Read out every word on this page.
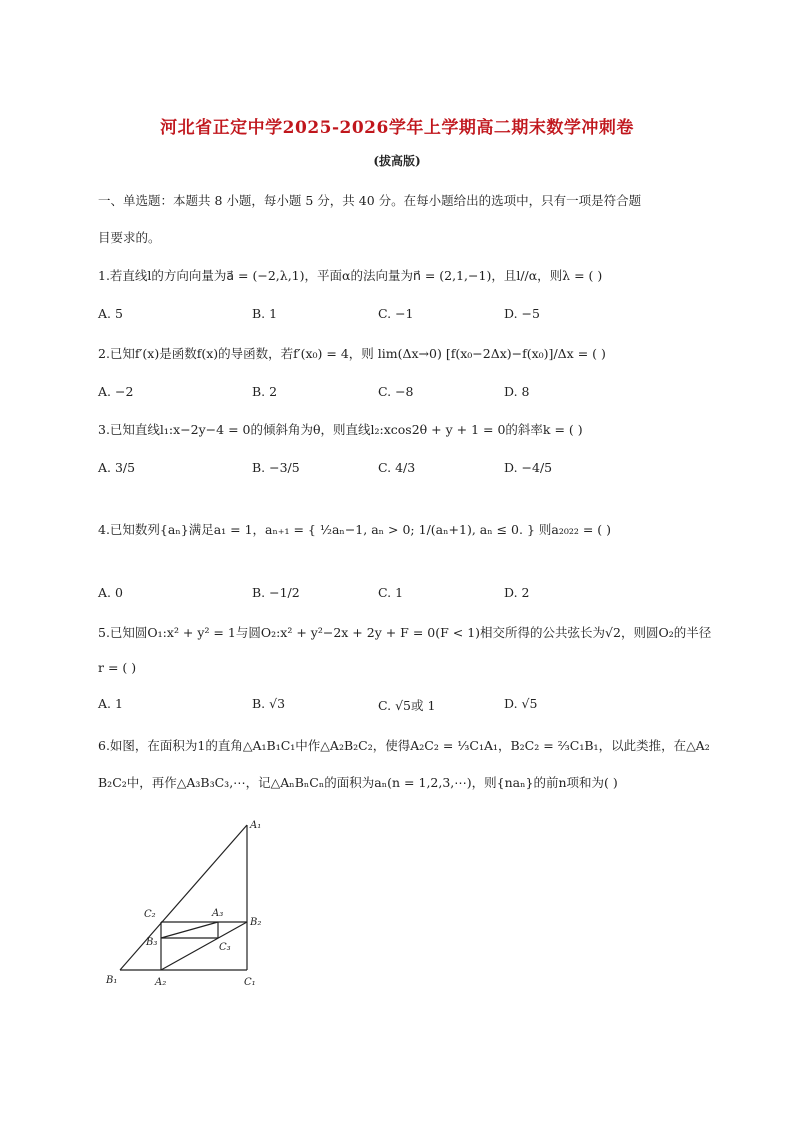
河北省正定中学2025-2026学年上学期高二期末数学冲刺卷
(拔高版)
一、单选题：本题共 8 小题，每小题 5 分，共 40 分。在每小题给出的选项中，只有一项是符合题
目要求的。
1.若直线l的方向向量为a⃗ = (−2,λ,1)，平面α的法向量为n⃗ = (2,1,−1)，且l//α，则λ = ( )
A. 5	B. 1	C. −1	D. −5
2.已知f′(x)是函数f(x)的导函数，若f′(x₀) = 4，则 lim(Δx→0) [f(x₀−2Δx)−f(x₀)]/Δx = ( )
A. −2	B. 2	C. −8	D. 8
3.已知直线l₁:x−2y−4 = 0的倾斜角为θ，则直线l₂:xcos2θ + y + 1 = 0的斜率k = ( )
A. 3/5	B. −3/5	C. 4/3	D. −4/5
4.已知数列{aₙ}满足a₁ = 1，aₙ₊₁ = { ½aₙ−1, aₙ > 0; 1/(aₙ+1), aₙ ≤ 0. } 则a₂₀₂₂ = ( )
A. 0	B. −1/2	C. 1	D. 2
5.已知圆O₁:x² + y² = 1与圆O₂:x² + y²−2x + 2y + F = 0(F < 1)相交所得的公共弦长为√2，则圆O₂的半径
r = ( )
A. 1	B. √3	C. √5或 1	D. √5
6.如图，在面积为1的直角△A₁B₁C₁中作△A₂B₂C₂，使得A₂C₂ = ⅓C₁A₁，B₂C₂ = ⅔C₁B₁，以此类推，在△A₂
B₂C₂中，再作△A₃B₃C₃,⋯，记△AₙBₙCₙ的面积为aₙ(n = 1,2,3,⋯)，则{naₙ}的前n项和为( )
A₁
B₁	C₁
A₂
B₂
C₂	A₃
B₃	C₃
